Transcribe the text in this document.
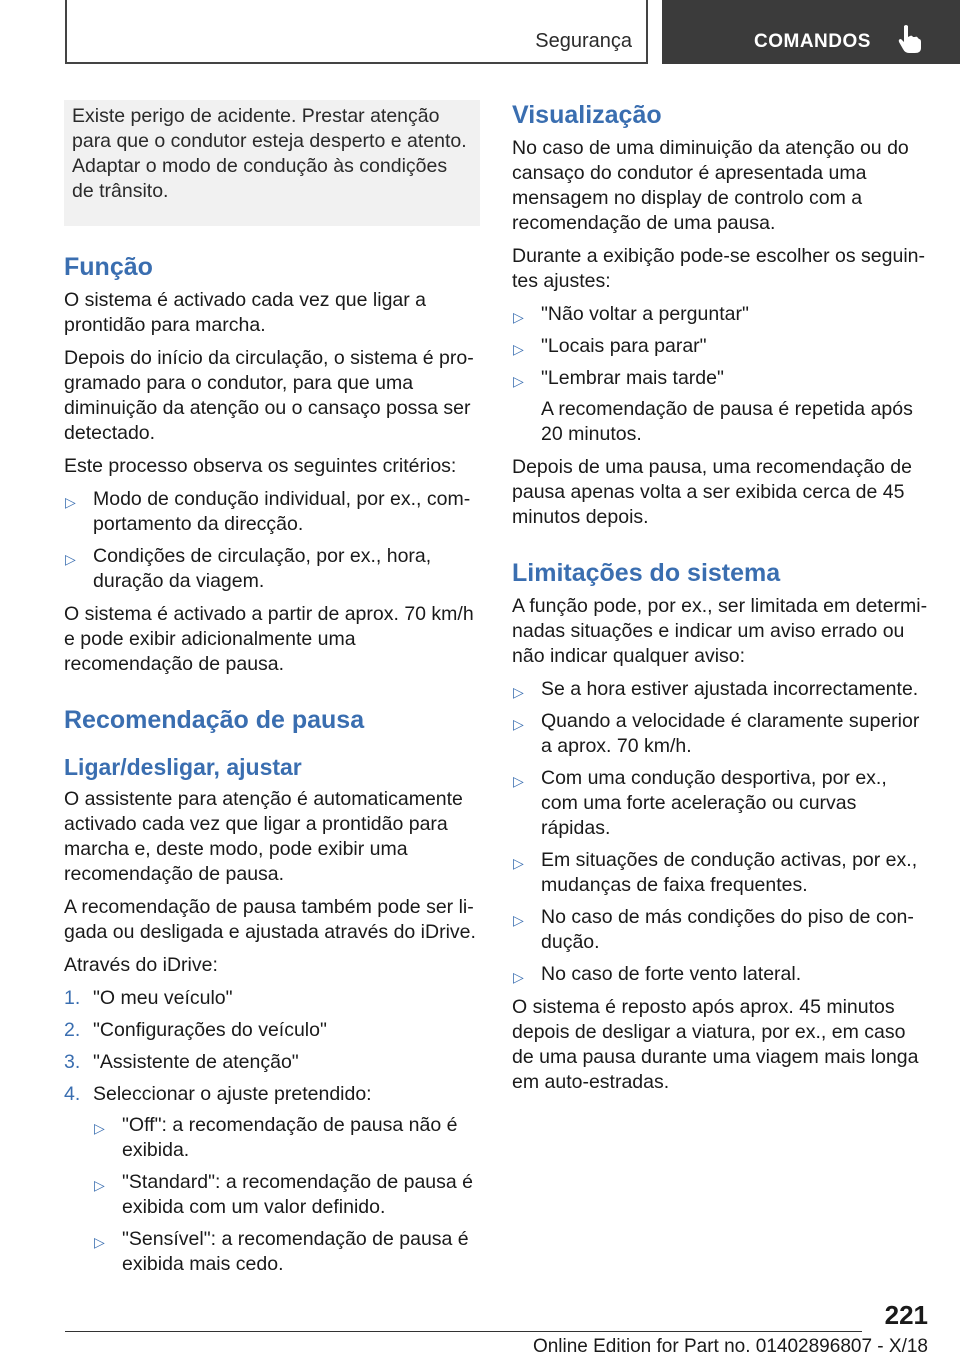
Segurança	COMANDOS

Existe perigo de acidente. Prestar atenção para que o condutor esteja desperto e atento. Adaptar o modo de condução às condições de trânsito.

Função

O sistema é activado cada vez que ligar a prontidão para marcha.

Depois do início da circulação, o sistema é programado para o condutor, para que uma diminuição da atenção ou o cansaço possa ser detectado.

Este processo observa os seguintes critérios:

▷ Modo de condução individual, por ex., comportamento da direcção.
▷ Condições de circulação, por ex., hora, duração da viagem.

O sistema é activado a partir de aprox. 70 km/h e pode exibir adicionalmente uma recomendação de pausa.

Recomendação de pausa
Ligar/desligar, ajustar

O assistente para atenção é automaticamente activado cada vez que ligar a prontidão para marcha e, deste modo, pode exibir uma recomendação de pausa.

A recomendação de pausa também pode ser ligada ou desligada e ajustada através do iDrive.

Através do iDrive:

1. "O meu veículo"
2. "Configurações do veículo"
3. "Assistente de atenção"
4. Seleccionar o ajuste pretendido:
▷ "Off": a recomendação de pausa não é exibida.
▷ "Standard": a recomendação de pausa é exibida com um valor definido.
▷ "Sensível": a recomendação de pausa é exibida mais cedo.
Visualização

No caso de uma diminuição da atenção ou do cansaço do condutor é apresentada uma mensagem no display de controlo com a recomendação de uma pausa.

Durante a exibição pode-se escolher os seguintes ajustes:

▷ "Não voltar a perguntar"
▷ "Locais para parar"
▷ "Lembrar mais tarde"

A recomendação de pausa é repetida após 20 minutos.

Depois de uma pausa, uma recomendação de pausa apenas volta a ser exibida cerca de 45 minutos depois.

Limitações do sistema

A função pode, por ex., ser limitada em determinadas situações e indicar um aviso errado ou não indicar qualquer aviso:

▷ Se a hora estiver ajustada incorrectamente.
▷ Quando a velocidade é claramente superior a aprox. 70 km/h.
▷ Com uma condução desportiva, por ex., com uma forte aceleração ou curvas rápidas.
▷ Em situações de condução activas, por ex., mudanças de faixa frequentes.
▷ No caso de más condições do piso de condução.
▷ No caso de forte vento lateral.

O sistema é reposto após aprox. 45 minutos depois de desligar a viatura, por ex., em caso de uma pausa durante uma viagem mais longa em auto-estradas.

221
Online Edition for Part no. 01402896807 - X/18
